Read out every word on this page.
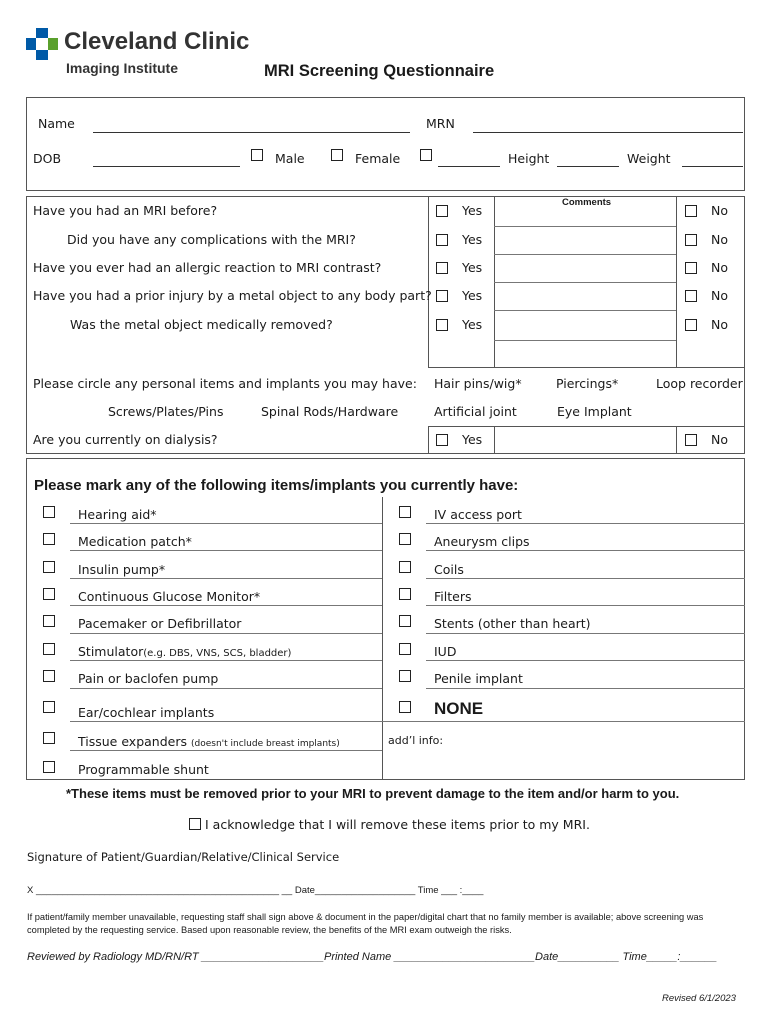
Cleveland Clinic
Imaging Institute	MRI Screening Questionnaire
Name	MRN
DOB	Male	Female	Height	Weight
Comments
Have you had an MRI before?	Yes	No
Did you have any complications with the MRI?	Yes	No
Have you ever had an allergic reaction to MRI contrast?	Yes	No
Have you had a prior injury by a metal object to any body part? Yes	No
Was the metal object medically removed?	Yes	No
Please circle any personal items and implants you may have: Hair pins/wig*	Piercings*	Loop recorder
Screws/Plates/Pins	Spinal Rods/Hardware	Artificial joint	Eye Implant
Are you currently on dialysis?	Yes	No
Please mark any of the following items/implants you currently have:
Hearing aid*
Medication patch*
Insulin pump*
Continuous Glucose Monitor*
Pacemaker or Defibrillator
Stimulator(e.g. DBS, VNS, SCS, bladder)
Pain or baclofen pump
Ear/cochlear implants
Tissue expanders (doesn't include breast implants)
Programmable shunt
IV access port
Aneurysm clips
Coils
Filters
Stents (other than heart)
IUD
Penile implant
NONE
add’l info:
*These items must be removed prior to your MRI to prevent damage to the item and/or harm to you.
I acknowledge that I will remove these items prior to my MRI.
Signature of Patient/Guardian/Relative/Clinical Service
X ______________________________________________ __ Date___________________ Time ___ :____
If patient/family member unavailable, requesting staff shall sign above & document in the paper/digital chart that no family member is available; above screening was completed by the requesting service. Based upon reasonable review, the benefits of the MRI exam outweigh the risks.
Reviewed by Radiology MD/RN/RT ____________________Printed Name _______________________Date__________ Time_____:______
Revised 6/1/2023
